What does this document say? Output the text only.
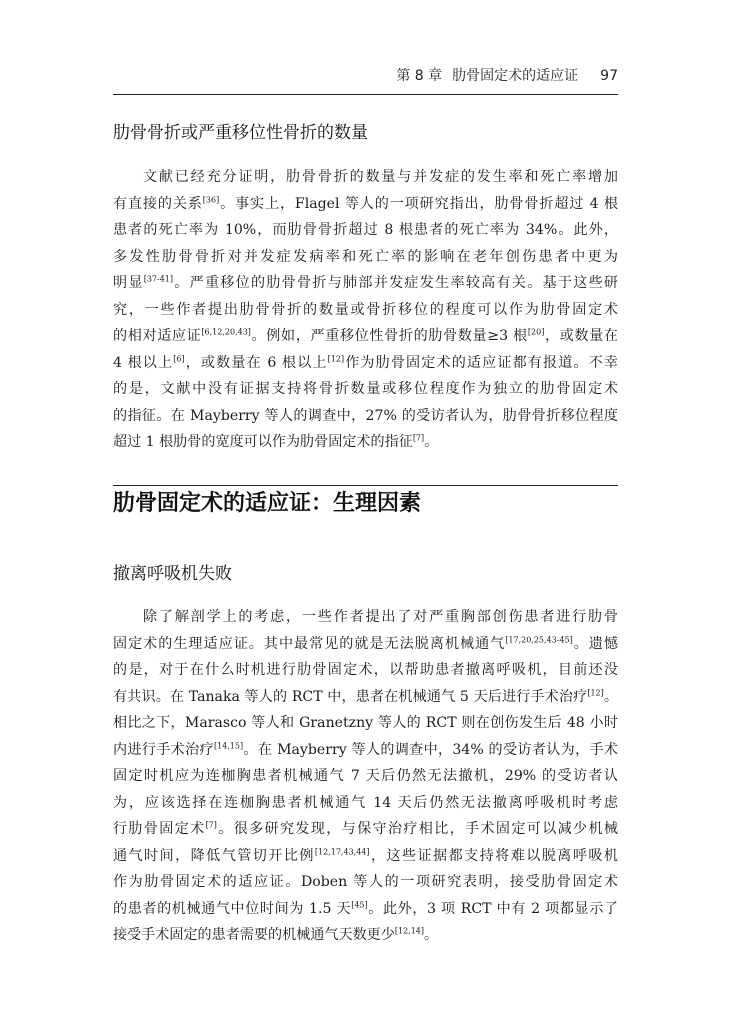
第 8 章 肋骨固定术的适应证 97
肋骨骨折或严重移位性骨折的数量
文献已经充分证明，肋骨骨折的数量与并发症的发生率和死亡率增加
有直接的关系[36]。事实上，Flagel 等人的一项研究指出，肋骨骨折超过 4 根
患者的死亡率为 10%，而肋骨骨折超过 8 根患者的死亡率为 34%。此外，
多发性肋骨骨折对并发症发病率和死亡率的影响在老年创伤患者中更为
明显[37-41]。严重移位的肋骨骨折与肺部并发症发生率较高有关。基于这些研
究，一些作者提出肋骨骨折的数量或骨折移位的程度可以作为肋骨固定术
的相对适应证[6,12,20,43]。例如，严重移位性骨折的肋骨数量≥3 根[20]，或数量在
4 根以上[6]，或数量在 6 根以上[12]作为肋骨固定术的适应证都有报道。不幸
的是，文献中没有证据支持将骨折数量或移位程度作为独立的肋骨固定术
的指征。在 Mayberry 等人的调查中，27% 的受访者认为，肋骨骨折移位程度
超过 1 根肋骨的宽度可以作为肋骨固定术的指征[7]。
肋骨固定术的适应证：生理因素
撤离呼吸机失败
除了解剖学上的考虑，一些作者提出了对严重胸部创伤患者进行肋骨
固定术的生理适应证。其中最常见的就是无法脱离机械通气[17,20,25,43-45]。遗憾
的是，对于在什么时机进行肋骨固定术，以帮助患者撤离呼吸机，目前还没
有共识。在 Tanaka 等人的 RCT 中，患者在机械通气 5 天后进行手术治疗[12]。
相比之下，Marasco 等人和 Granetzny 等人的 RCT 则在创伤发生后 48 小时
内进行手术治疗[14,15]。在 Mayberry 等人的调查中，34% 的受访者认为，手术
固定时机应为连枷胸患者机械通气 7 天后仍然无法撤机，29% 的受访者认
为，应该选择在连枷胸患者机械通气 14 天后仍然无法撤离呼吸机时考虑
行肋骨固定术[7]。很多研究发现，与保守治疗相比，手术固定可以减少机械
通气时间，降低气管切开比例[12,17,43,44]，这些证据都支持将难以脱离呼吸机
作为肋骨固定术的适应证。Doben 等人的一项研究表明，接受肋骨固定术
的患者的机械通气中位时间为 1.5 天[45]。此外，3 项 RCT 中有 2 项都显示了
接受手术固定的患者需要的机械通气天数更少[12,14]。
